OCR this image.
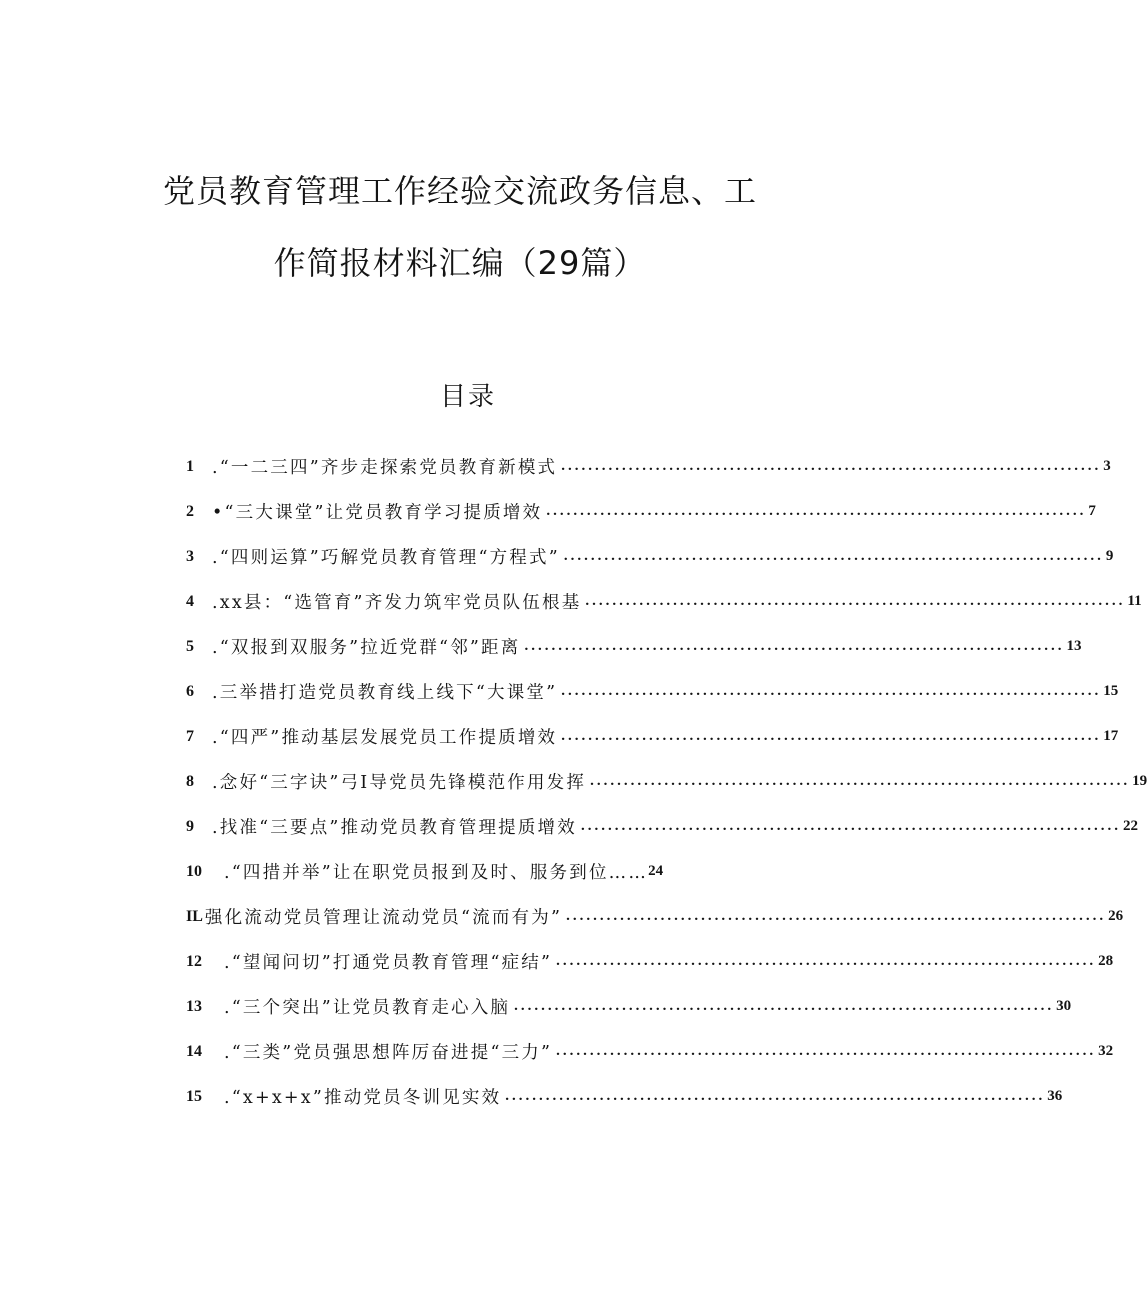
党员教育管理工作经验交流政务信息、工
作简报材料汇编（29篇）
目录
1	.“一二三四”齐步走探索党员教育新模式 ................................................................................ 3
2	•“三大课堂”让党员教育学习提质增效 ................................................................................ 7
3	.“四则运算”巧解党员教育管理“方程式” ................................................................................ 9
4	.xx县：“选管育”齐发力筑牢党员队伍根基 ................................................................................ 11
5	.“双报到双服务”拉近党群“邻”距离 ................................................................................ 13
6	.三举措打造党员教育线上线下“大课堂” ................................................................................ 15
7	.“四严”推动基层发展党员工作提质增效 ................................................................................ 17
8	.念好“三字诀”弓I导党员先锋模范作用发挥 ................................................................................ 19
9	.找准“三要点”推动党员教育管理提质增效 ................................................................................ 22
10	.“四措并举”让在职党员报到及时、服务到位…… 24
IL 强化流动党员管理让流动党员“流而有为” ................................................................................ 26
12	.“望闻问切”打通党员教育管理“症结” ................................................................................ 28
13	.“三个突出”让党员教育走心入脑 ................................................................................ 30
14	.“三类”党员强思想阵厉奋进提“三力” ................................................................................ 32
15	.“x+x+x”推动党员冬训见实效 ................................................................................ 36
